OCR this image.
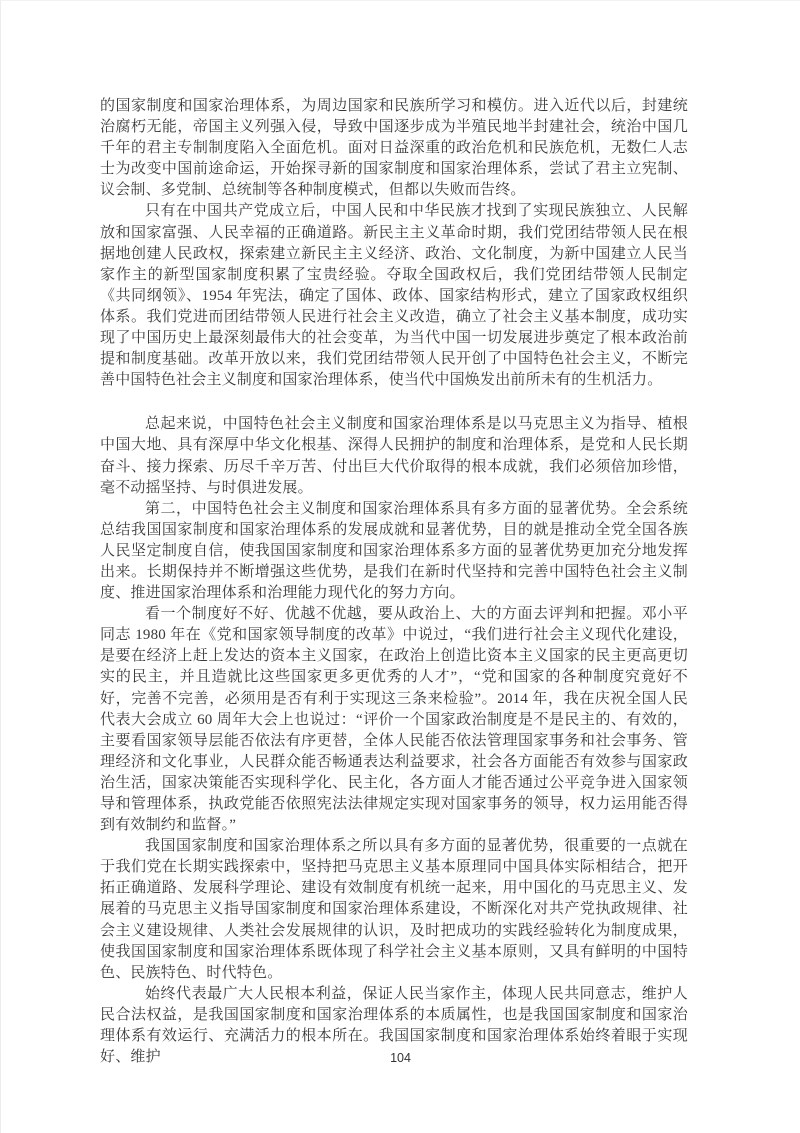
的国家制度和国家治理体系，为周边国家和民族所学习和模仿。进入近代以后，封建统治腐朽无能，帝国主义列强入侵，导致中国逐步成为半殖民地半封建社会，统治中国几千年的君主专制制度陷入全面危机。面对日益深重的政治危机和民族危机，无数仁人志士为改变中国前途命运，开始探寻新的国家制度和国家治理体系，尝试了君主立宪制、议会制、多党制、总统制等各种制度模式，但都以失败而告终。

只有在中国共产党成立后，中国人民和中华民族才找到了实现民族独立、人民解放和国家富强、人民幸福的正确道路。新民主主义革命时期，我们党团结带领人民在根据地创建人民政权，探索建立新民主主义经济、政治、文化制度，为新中国建立人民当家作主的新型国家制度积累了宝贵经验。夺取全国政权后，我们党团结带领人民制定《共同纲领》、1954 年宪法，确定了国体、政体、国家结构形式，建立了国家政权组织体系。我们党进而团结带领人民进行社会主义改造，确立了社会主义基本制度，成功实现了中国历史上最深刻最伟大的社会变革，为当代中国一切发展进步奠定了根本政治前提和制度基础。改革开放以来，我们党团结带领人民开创了中国特色社会主义，不断完善中国特色社会主义制度和国家治理体系，使当代中国焕发出前所未有的生机活力。

总起来说，中国特色社会主义制度和国家治理体系是以马克思主义为指导、植根中国大地、具有深厚中华文化根基、深得人民拥护的制度和治理体系，是党和人民长期奋斗、接力探索、历尽千辛万苦、付出巨大代价取得的根本成就，我们必须倍加珍惜，毫不动摇坚持、与时俱进发展。

第二，中国特色社会主义制度和国家治理体系具有多方面的显著优势。全会系统总结我国国家制度和国家治理体系的发展成就和显著优势，目的就是推动全党全国各族人民坚定制度自信，使我国国家制度和国家治理体系多方面的显著优势更加充分地发挥出来。长期保持并不断增强这些优势，是我们在新时代坚持和完善中国特色社会主义制度、推进国家治理体系和治理能力现代化的努力方向。

看一个制度好不好、优越不优越，要从政治上、大的方面去评判和把握。邓小平同志 1980 年在《党和国家领导制度的改革》中说过，“我们进行社会主义现代化建设，是要在经济上赶上发达的资本主义国家，在政治上创造比资本主义国家的民主更高更切实的民主，并且造就比这些国家更多更优秀的人才”，“党和国家的各种制度究竟好不好，完善不完善，必须用是否有利于实现这三条来检验”。2014 年，我在庆祝全国人民代表大会成立 60 周年大会上也说过：“评价一个国家政治制度是不是民主的、有效的，主要看国家领导层能否依法有序更替，全体人民能否依法管理国家事务和社会事务、管理经济和文化事业，人民群众能否畅通表达利益要求，社会各方面能否有效参与国家政治生活，国家决策能否实现科学化、民主化，各方面人才能否通过公平竞争进入国家领导和管理体系，执政党能否依照宪法法律规定实现对国家事务的领导，权力运用能否得到有效制约和监督。”

我国国家制度和国家治理体系之所以具有多方面的显著优势，很重要的一点就在于我们党在长期实践探索中，坚持把马克思主义基本原理同中国具体实际相结合，把开拓正确道路、发展科学理论、建设有效制度有机统一起来，用中国化的马克思主义、发展着的马克思主义指导国家制度和国家治理体系建设，不断深化对共产党执政规律、社会主义建设规律、人类社会发展规律的认识，及时把成功的实践经验转化为制度成果，使我国国家制度和国家治理体系既体现了科学社会主义基本原则，又具有鲜明的中国特色、民族特色、时代特色。

始终代表最广大人民根本利益，保证人民当家作主，体现人民共同意志，维护人民合法权益，是我国国家制度和国家治理体系的本质属性，也是我国国家制度和国家治理体系有效运行、充满活力的根本所在。我国国家制度和国家治理体系始终着眼于实现好、维护	104
